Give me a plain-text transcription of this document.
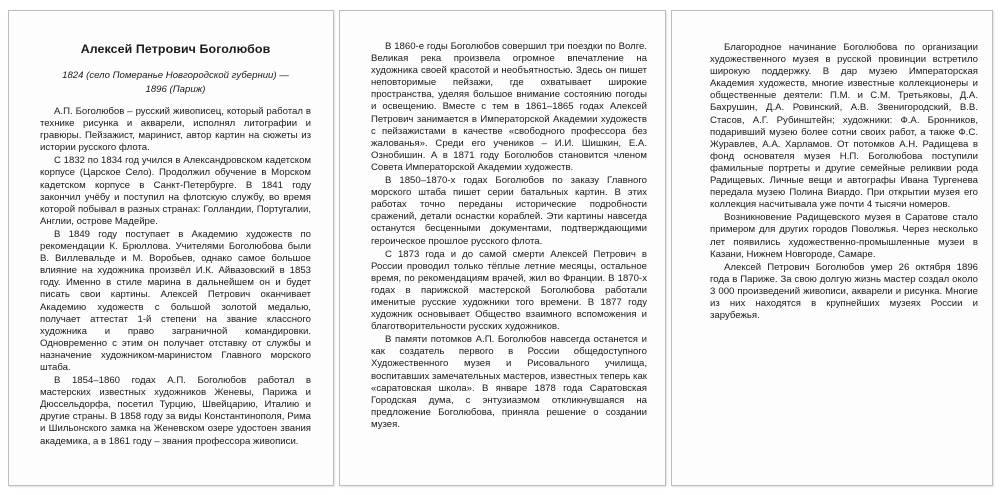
Алексей Петрович Боголюбов
1824 (село Померанье Новгородской губернии) —
1896 (Париж)

А.П. Боголюбов – русский живописец, который работал в технике рисунка и акварели, исполнял литографии и гравюры. Пейзажист, маринист, автор картин на сюжеты из истории русского флота.

С 1832 по 1834 год учился в Александровском кадетском корпусе (Царское Село). Продолжил обучение в Морском кадетском корпусе в Санкт-Петербурге. В 1841 году закончил учёбу и поступил на флотскую службу, во время которой побывал в разных странах: Голландии, Португалии, Англии, острове Мадейре.

В 1849 году поступает в Академию художеств по рекомендации К. Брюллова. Учителями Боголюбова были В. Виллевальде и М. Воробьев, однако самое большое влияние на художника произвёл И.К. Айвазовский в 1853 году. Именно в стиле марина в дальнейшем он и будет писать свои картины. Алексей Петрович оканчивает Академию художеств с большой золотой медалью, получает аттестат 1-й степени на звание классного художника и право заграничной командировки. Одновременно с этим он получает отставку от службы и назначение художником-маринистом Главного морского штаба.

В 1854–1860 годах А.П. Боголюбов работал в мастерских известных художников Женевы, Парижа и Дюссельдорфа, посетил Турцию, Швейцарию, Италию и другие страны. В 1858 году за виды Константинополя, Рима и Шильонского замка на Женевском озере удостоен звания академика, а в 1861 году – звания профессора живописи.

В 1860-е годы Боголюбов совершил три поездки по Волге. Великая река произвела огромное впечатление на художника своей красотой и необъятностью. Здесь он пишет неповторимые пейзажи, где охватывает широкие пространства, уделяя большое внимание состоянию погоды и освещению. Вместе с тем в 1861–1865 годах Алексей Петрович занимается в Императорской Академии художеств с пейзажистами в качестве «свободного профессора без жалованья». Среди его учеников – И.И. Шишкин, Е.А. Ознобишин. А в 1871 году Боголюбов становится членом Совета Императорской Академии художеств.

В 1850–1870-х годах Боголюбов по заказу Главного морского штаба пишет серии батальных картин. В этих работах точно переданы исторические подробности сражений, детали оснастки кораблей. Эти картины навсегда останутся бесценными документами, подтверждающими героическое прошлое русского флота.

С 1873 года и до самой смерти Алексей Петрович в России проводил только тёплые летние месяцы, остальное время, по рекомендациям врачей, жил во Франции. В 1870-х годах в парижской мастерской Боголюбова работали именитые русские художники того времени. В 1877 году художник основывает Общество взаимного вспоможения и благотворительности русских художников.

В памяти потомков А.П. Боголюбов навсегда останется и как создатель первого в России общедоступного Художественного музея и Рисовального училища, воспитавших замечательных мастеров, известных теперь как «саратовская школа». В январе 1878 года Саратовская Городская дума, с энтузиазмом откликнувшаяся на предложение Боголюбова, приняла решение о создании музея.

Благородное начинание Боголюбова по организации художественного музея в русской провинции встретило широкую поддержку. В дар музею Императорская Академия художеств, многие известные коллекционеры и общественные деятели: П.М. и С.М. Третьяковы, Д.А. Бахрушин, Д.А. Ровинский, А.В. Звенигородский, В.В. Стасов, А.Г. Рубинштейн; художники: Ф.А. Бронников, подаривший музею более сотни своих работ, а также Ф.С. Журавлев, А.А. Харламов. От потомков А.Н. Радищева в фонд основателя музея Н.П. Боголюбова поступили фамильные портреты и другие семейные реликвии рода Радищевых. Личные вещи и автографы Ивана Тургенева передала музею Полина Виардо. При открытии музея его коллекция насчитывала уже почти 4 тысячи номеров.

Возникновение Радищевского музея в Саратове стало примером для других городов Поволжья. Через несколько лет появились художественно-промышленные музеи в Казани, Нижнем Новгороде, Самаре.

Алексей Петрович Боголюбов умер 26 октября 1896 года в Париже. За свою долгую жизнь мастер создал около 3 000 произведений живописи, акварели и рисунка. Многие из них находятся в крупнейших музеях России и зарубежья.
